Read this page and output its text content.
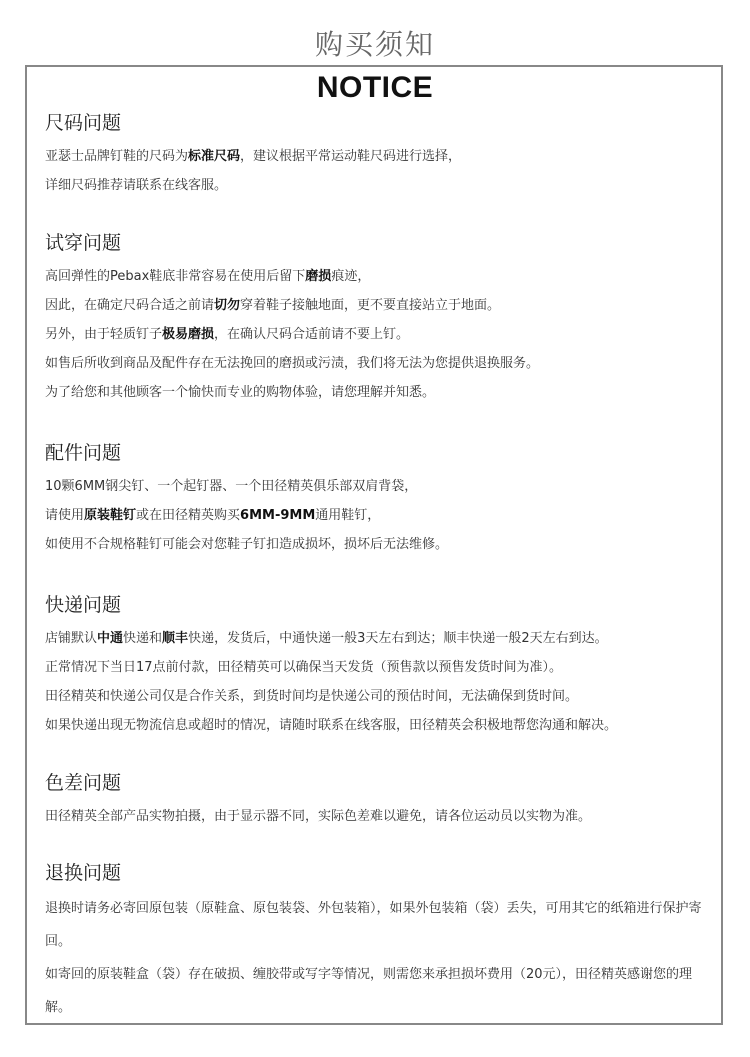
购买须知
NOTICE
尺码问题
亚瑟士品牌钉鞋的尺码为标准尺码，建议根据平常运动鞋尺码进行选择，
详细尺码推荐请联系在线客服。
试穿问题
高回弹性的Pebax鞋底非常容易在使用后留下磨损痕迹，
因此，在确定尺码合适之前请切勿穿着鞋子接触地面，更不要直接站立于地面。
另外，由于轻质钉子极易磨损，在确认尺码合适前请不要上钉。
如售后所收到商品及配件存在无法挽回的磨损或污渍，我们将无法为您提供退换服务。
为了给您和其他顾客一个愉快而专业的购物体验，请您理解并知悉。
配件问题
10颗6MM钢尖钉、一个起钉器、一个田径精英俱乐部双肩背袋，
请使用原装鞋钉或在田径精英购买6MM-9MM通用鞋钉，
如使用不合规格鞋钉可能会对您鞋子钉扣造成损坏，损坏后无法维修。
快递问题
店铺默认中通快递和顺丰快递，发货后，中通快递一般3天左右到达；顺丰快递一般2天左右到达。
正常情况下当日17点前付款，田径精英可以确保当天发货（预售款以预售发货时间为准）。
田径精英和快递公司仅是合作关系，到货时间均是快递公司的预估时间，无法确保到货时间。
如果快递出现无物流信息或超时的情况，请随时联系在线客服，田径精英会积极地帮您沟通和解决。
色差问题
田径精英全部产品实物拍摄，由于显示器不同，实际色差难以避免，请各位运动员以实物为准。
退换问题
退换时请务必寄回原包装（原鞋盒、原包装袋、外包装箱），如果外包装箱（袋）丢失，可用其它的纸箱进行保护寄回。
如寄回的原装鞋盒（袋）存在破损、缠胶带或写字等情况，则需您来承担损坏费用（20元），田径精英感谢您的理解。
